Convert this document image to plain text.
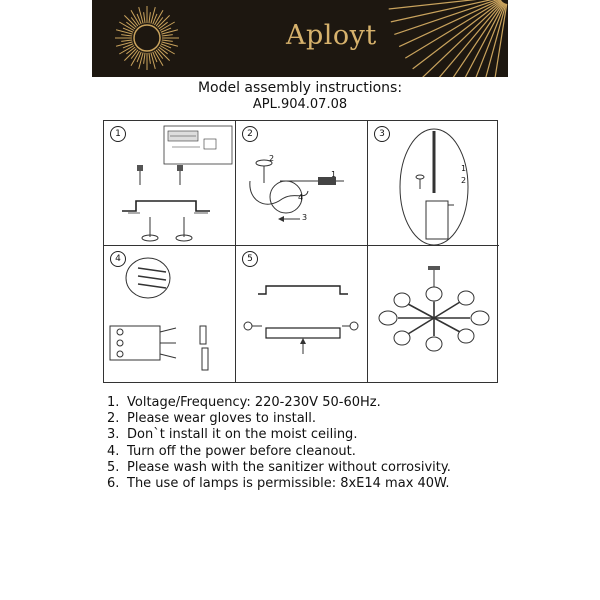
Aployt
Model assembly instructions:
APL.904.07.08
1	2
1
2
3
4
3
1
2
4	5
1. Voltage/Frequency: 220-230V 50-60Hz.
2. Please wear gloves to install.
3. Don`t install it on the moist ceiling.
4. Turn off the power before cleanout.
5. Please wash with the sanitizer without corrosivity.
6. The use of lamps is permissible: 8xE14 max 40W.
